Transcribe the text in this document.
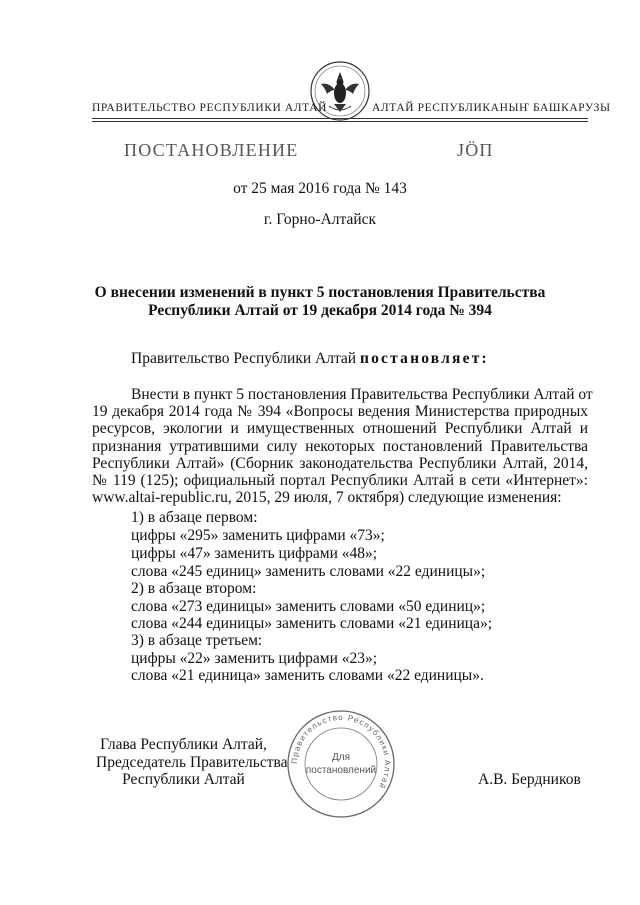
ПРАВИТЕЛЬСТВО РЕСПУБЛИКИ АЛТАЙ	АЛТАЙ РЕСПУБЛИКАНЫҤ БАШКАРУЗЫ
ПОСТАНОВЛЕНИЕ	JÖП
от 25 мая 2016 года № 143
г. Горно-Алтайск
О внесении изменений в пункт 5 постановления Правительства
Республики Алтай от 19 декабря 2014 года № 394
Правительство Республики Алтай постановляет:
Внести в пункт 5 постановления Правительства Республики Алтай от
19 декабря 2014 года № 394 «Вопросы ведения Министерства природных
ресурсов, экологии и имущественных отношений Республики Алтай и
признания утратившими силу некоторых постановлений Правительства
Республики Алтай» (Сборник законодательства Республики Алтай, 2014,
№ 119 (125); официальный портал Республики Алтай в сети «Интернет»:
www.altai-republic.ru, 2015, 29 июля, 7 октября) следующие изменения:
1) в абзаце первом:
цифры «295» заменить цифрами «73»;
цифры «47» заменить цифрами «48»;
слова «245 единиц» заменить словами «22 единицы»;
2) в абзаце втором:
слова «273 единицы» заменить словами «50 единиц»;
слова «244 единицы» заменить словами «21 единица»;
3) в абзаце третьем:
цифры «22» заменить цифрами «23»;
слова «21 единица» заменить словами «22 единицы».
Правительство Республики Алтай
Для
постановлений
Глава Республики Алтай,
Председатель Правительства
Республики Алтай	А.В. Бердников
